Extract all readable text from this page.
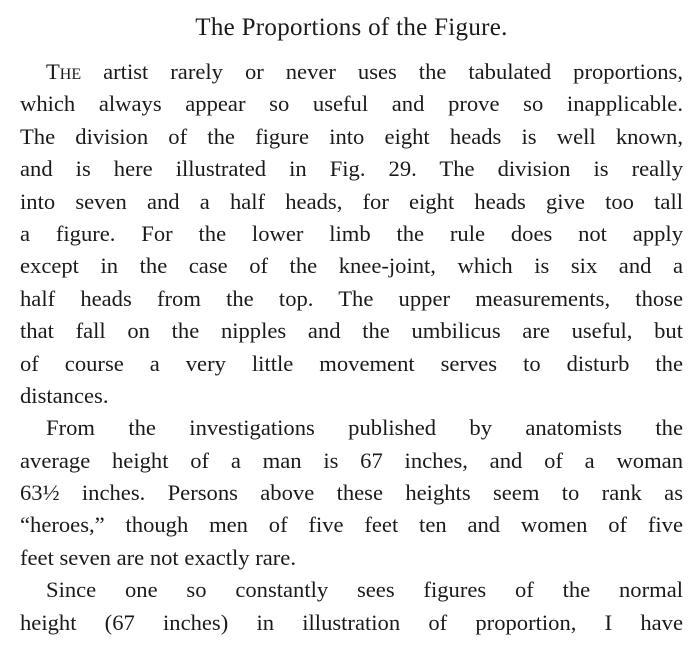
The Proportions of the Figure.
The artist rarely or never uses the tabulated proportions,
which always appear so useful and prove so inapplicable.
The division of the figure into eight heads is well known,
and is here illustrated in Fig. 29. The division is really
into seven and a half heads, for eight heads give too tall
a figure. For the lower limb the rule does not apply
except in the case of the knee-joint, which is six and a
half heads from the top. The upper measurements, those
that fall on the nipples and the umbilicus are useful, but
of course a very little movement serves to disturb the
distances.
From the investigations published by anatomists the
average height of a man is 67 inches, and of a woman
63½ inches. Persons above these heights seem to rank as
“heroes,” though men of five feet ten and women of five
feet seven are not exactly rare.
Since one so constantly sees figures of the normal
height (67 inches) in illustration of proportion, I have
